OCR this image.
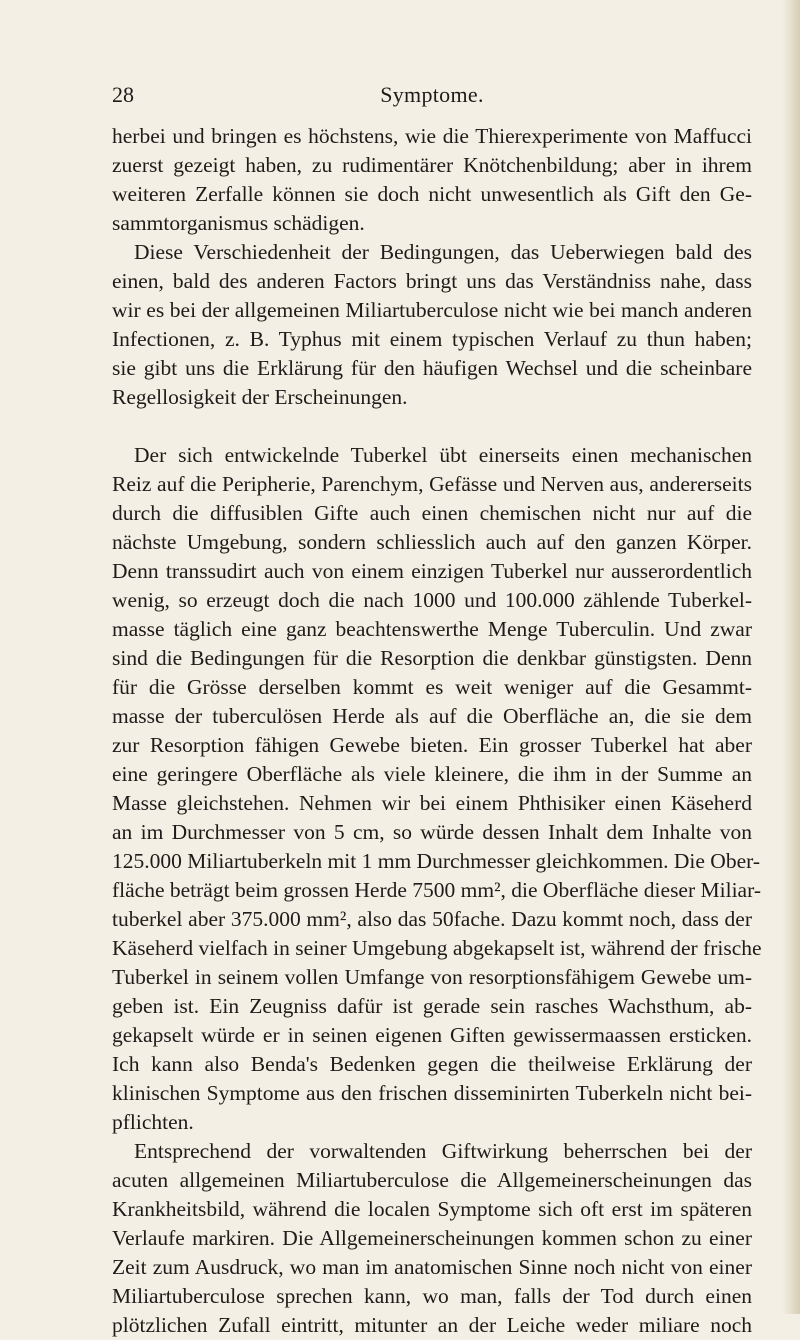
28	Symptome.
herbei und bringen es höchstens, wie die Thierexperimente von Maffucci
zuerst gezeigt haben, zu rudimentärer Knötchenbildung; aber in ihrem
weiteren Zerfalle können sie doch nicht unwesentlich als Gift den Ge-
sammtorganismus schädigen.
Diese Verschiedenheit der Bedingungen, das Ueberwiegen bald des
einen, bald des anderen Factors bringt uns das Verständniss nahe, dass
wir es bei der allgemeinen Miliartuberculose nicht wie bei manch anderen
Infectionen, z. B. Typhus mit einem typischen Verlauf zu thun haben;
sie gibt uns die Erklärung für den häufigen Wechsel und die scheinbare
Regellosigkeit der Erscheinungen.
Der sich entwickelnde Tuberkel übt einerseits einen mechanischen
Reiz auf die Peripherie, Parenchym, Gefässe und Nerven aus, andererseits
durch die diffusiblen Gifte auch einen chemischen nicht nur auf die
nächste Umgebung, sondern schliesslich auch auf den ganzen Körper.
Denn transsudirt auch von einem einzigen Tuberkel nur ausserordentlich
wenig, so erzeugt doch die nach 1000 und 100.000 zählende Tuberkel-
masse täglich eine ganz beachtenswerthe Menge Tuberculin. Und zwar
sind die Bedingungen für die Resorption die denkbar günstigsten. Denn
für die Grösse derselben kommt es weit weniger auf die Gesammt-
masse der tuberculösen Herde als auf die Oberfläche an, die sie dem
zur Resorption fähigen Gewebe bieten. Ein grosser Tuberkel hat aber
eine geringere Oberfläche als viele kleinere, die ihm in der Summe an
Masse gleichstehen. Nehmen wir bei einem Phthisiker einen Käseherd
an im Durchmesser von 5 cm, so würde dessen Inhalt dem Inhalte von
125.000 Miliartuberkeln mit 1 mm Durchmesser gleichkommen. Die Ober-
fläche beträgt beim grossen Herde 7500 mm², die Oberfläche dieser Miliar-
tuberkel aber 375.000 mm², also das 50fache. Dazu kommt noch, dass der
Käseherd vielfach in seiner Umgebung abgekapselt ist, während der frische
Tuberkel in seinem vollen Umfange von resorptionsfähigem Gewebe um-
geben ist. Ein Zeugniss dafür ist gerade sein rasches Wachsthum, ab-
gekapselt würde er in seinen eigenen Giften gewissermaassen ersticken.
Ich kann also Benda's Bedenken gegen die theilweise Erklärung der
klinischen Symptome aus den frischen disseminirten Tuberkeln nicht bei-
pflichten.
Entsprechend der vorwaltenden Giftwirkung beherrschen bei der
acuten allgemeinen Miliartuberculose die Allgemeinerscheinungen das
Krankheitsbild, während die localen Symptome sich oft erst im späteren
Verlaufe markiren. Die Allgemeinerscheinungen kommen schon zu einer
Zeit zum Ausdruck, wo man im anatomischen Sinne noch nicht von einer
Miliartuberculose sprechen kann, wo man, falls der Tod durch einen
plötzlichen Zufall eintritt, mitunter an der Leiche weder miliare noch
